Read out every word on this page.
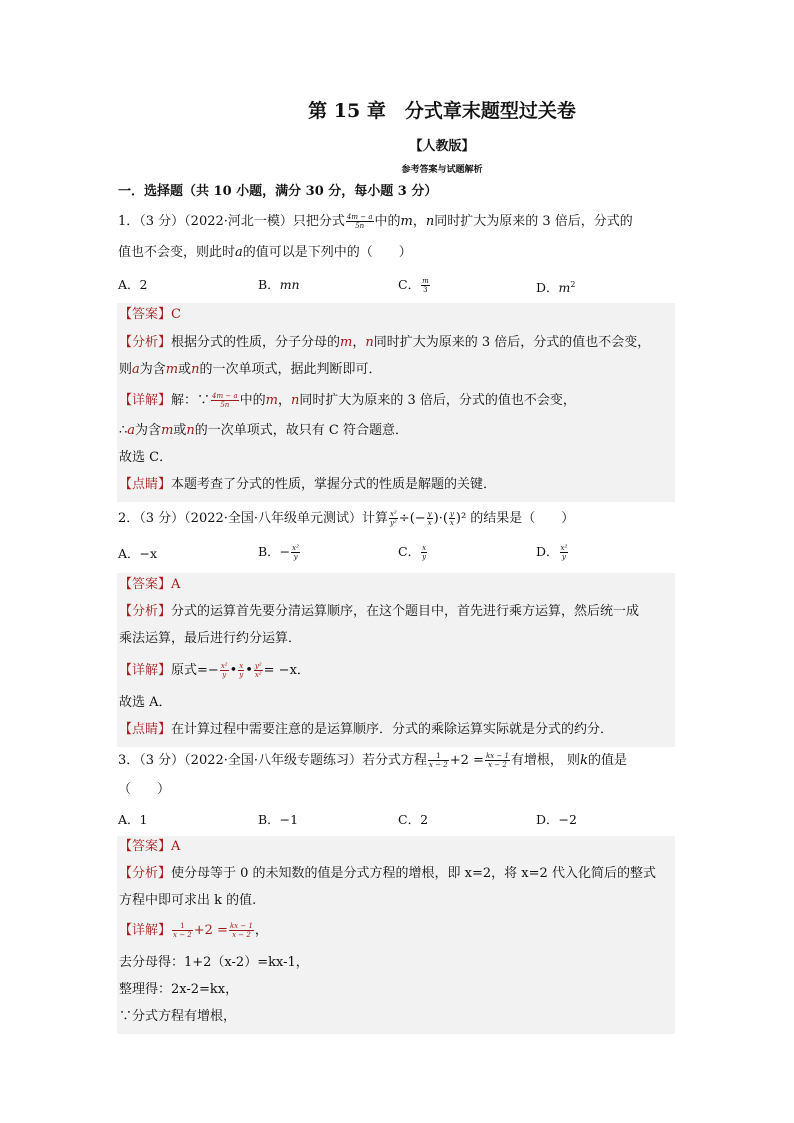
第 15 章　分式章末题型过关卷
【人教版】
参考答案与试题解析
一．选择题（共 10 小题，满分 30 分，每小题 3 分）
1．（3 分）（2022·河北一模）只把分式 $\frac{4m - a}{5n}$ 中的m，n同时扩大为原来的 3 倍后，分式的
值也不会变，则此时a的值可以是下列中的（　　）
A．2	B．mn	C． $\frac{m}{3}$	D．$m^2$
【答案】C
【分析】根据分式的性质，分子分母的m，n同时扩大为原来的 3 倍后，分式的值也不会变，
则a为含m或n的一次单项式，据此判断即可．
【详解】解：∵ $\frac{4m - a}{5n}$ 中的m，n同时扩大为原来的 3 倍后，分式的值也不会变，
∴a为含m或n的一次单项式，故只有 C 符合题意．
故选 C．
【点睛】本题考查了分式的性质，掌握分式的性质是解题的关键．
2．（3 分）（2022·全国·八年级单元测试）计算 $\frac{\text{x²}}{\text{y²}}$ ÷(− $\frac{y}{x}$ )·( $\frac{y}{x} )^2$ 的结果是（　　）
A．−x	B．− $\frac{\text{x²}}{y}$	C． $\frac{x}{y}$	D． $\frac{\text{x²}}{y}$
【答案】A
【分析】分式的运算首先要分清运算顺序，在这个题目中，首先进行乘方运算，然后统一成
乘法运算，最后进行约分运算．
【详解】原式=− $\frac{\text{x²}}{y}$ • $\frac{x}{y}$ • $\frac{\text{y²}}{\text{x²}} = -x$．
故选 A．
【点睛】在计算过程中需要注意的是运算顺序．分式的乘除运算实际就是分式的约分．
3．（3 分）（2022·全国·八年级专题练习）若分式方程 $\frac{1}{x - 2} +2 = \frac{kx - 1}{x - 2}$ 有增根， 则k的值是
（　　）
A．1	B．−1	C．2	D．−2
【答案】A
【分析】使分母等于 0 的未知数的值是分式方程的增根，即 x=2，将 x=2 代入化简后的整式
方程中即可求出 k 的值.
【详解】 $\frac{1}{x - 2} +2 = \frac{kx - 1}{x - 2}$ ，
去分母得：1+2（x-2）=kx-1，
整理得：2x-2=kx，
∵分式方程有增根，
